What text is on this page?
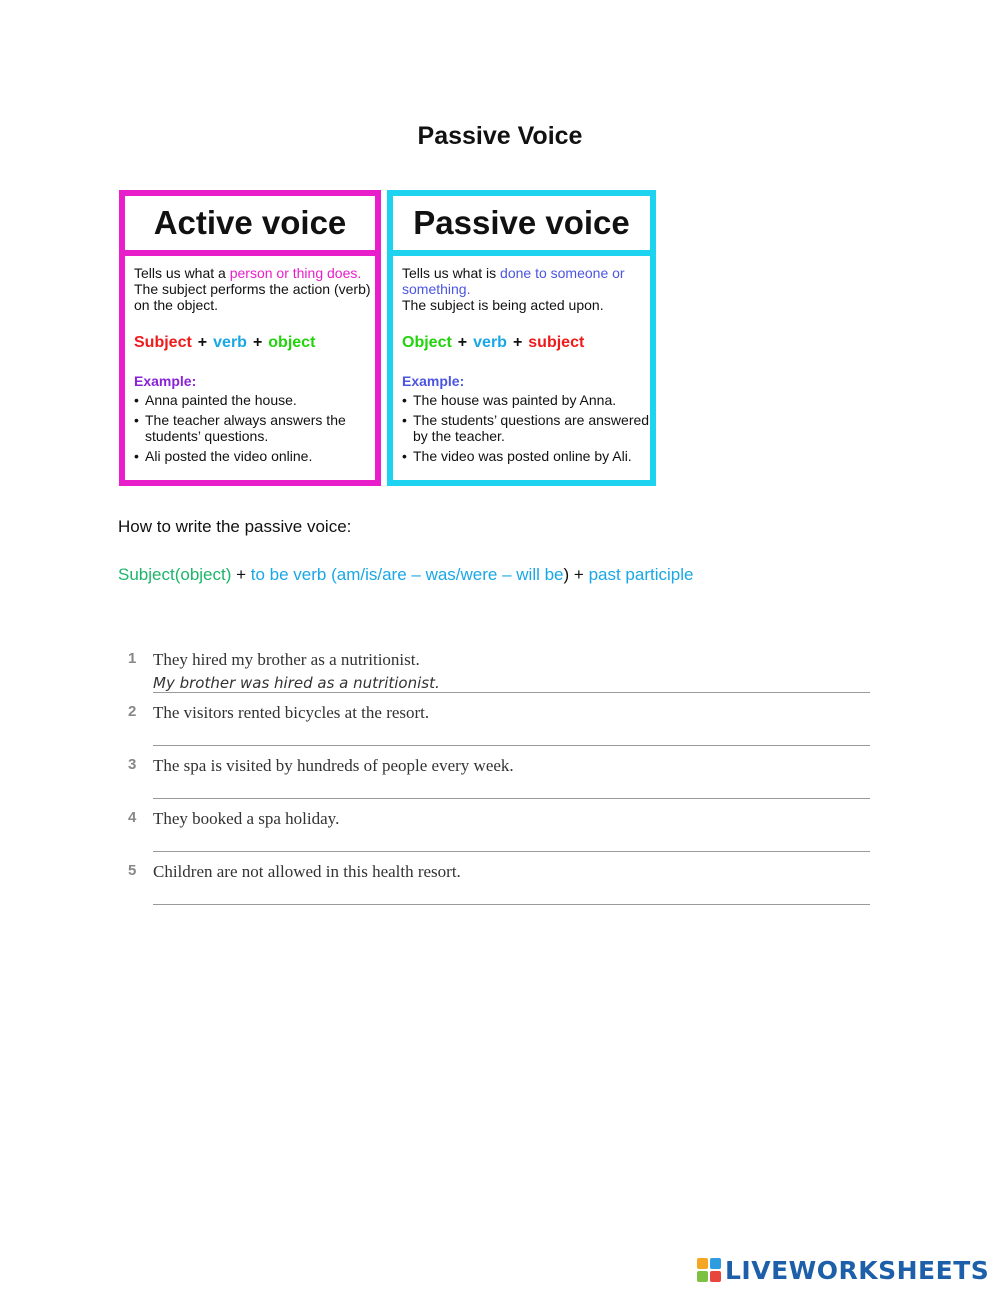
Passive Voice
Active voice
Tells us what a person or thing does.
The subject performs the action (verb) on the object.
Subject + verb + object
Example:
• Anna painted the house.
• The teacher always answers the students’ questions.
• Ali posted the video online.
Passive voice
Tells us what is done to someone or something.
The subject is being acted upon.
Object + verb + subject
Example:
• The house was painted by Anna.
• The students’ questions are answered by the teacher.
• The video was posted online by Ali.
How to write the passive voice:
Subject(object) + to be verb (am/is/are – was/were – will be) + past participle
1 They hired my brother as a nutritionist.
My brother was hired as a nutritionist.
2 The visitors rented bicycles at the resort.
3 The spa is visited by hundreds of people every week.
4 They booked a spa holiday.
5 Children are not allowed in this health resort.
LIVEWORKSHEETS
